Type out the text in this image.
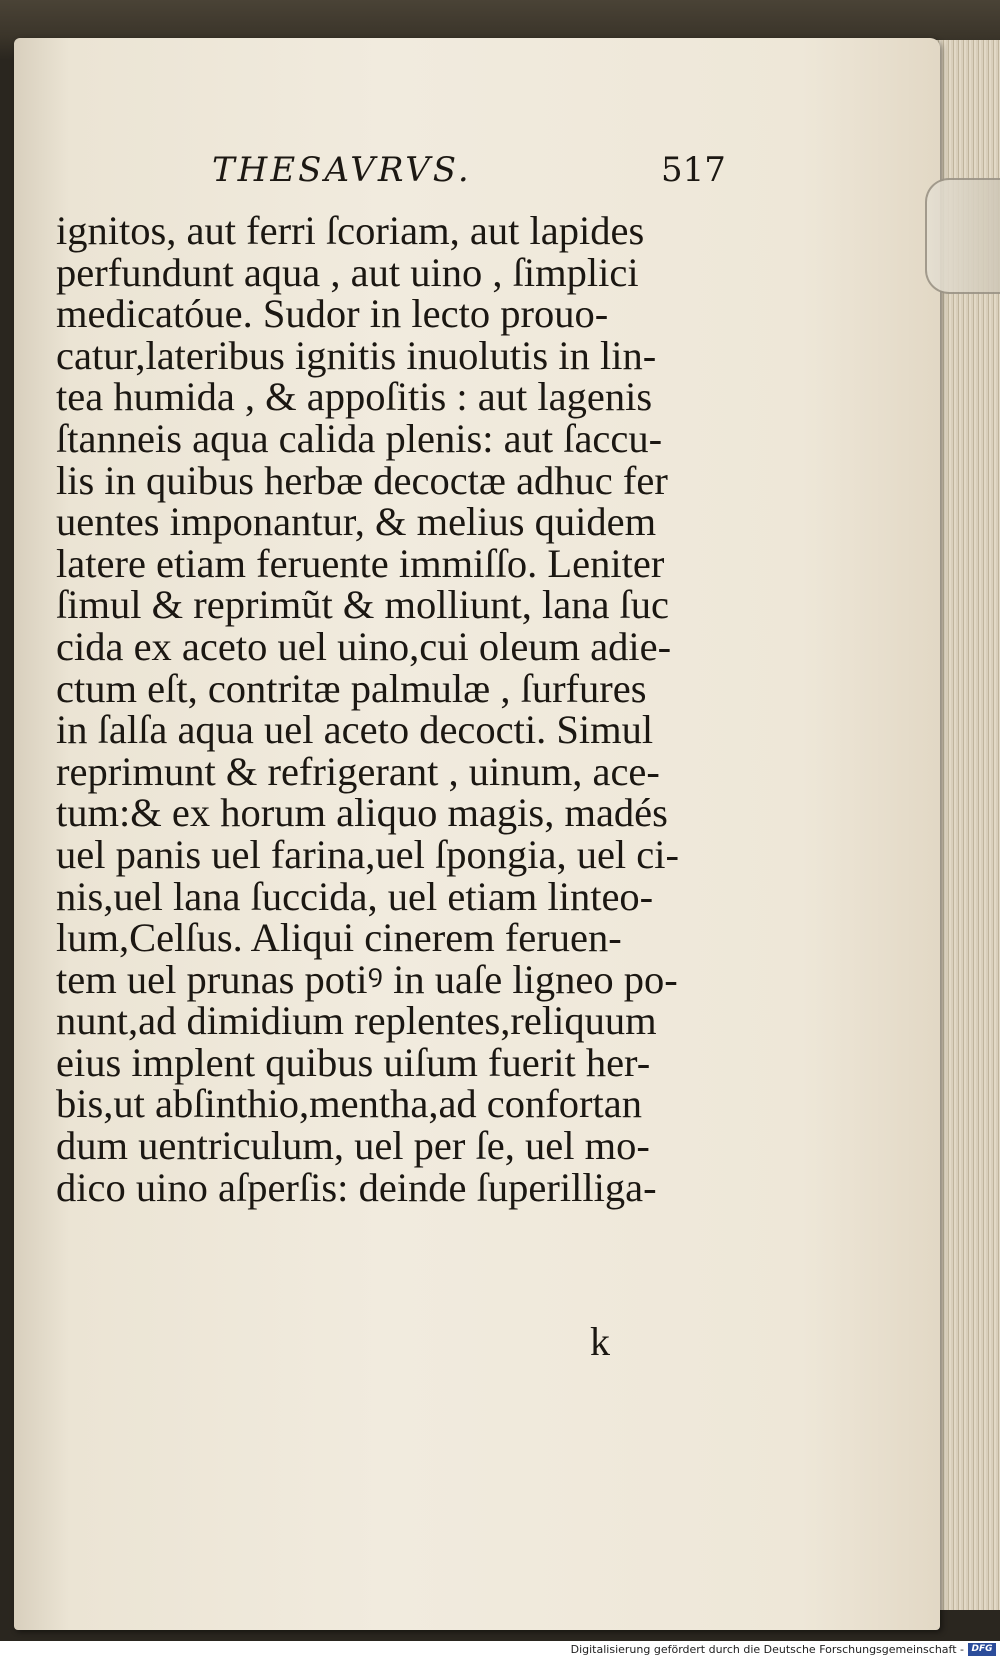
THESAVRVS.	517
ignitos, aut ferri ſcoriam, aut lapides
perfundunt aqua , aut uino , ſimplici
medicatóue. Sudor in lecto prouo-
catur,lateribus ignitis inuolutis in lin-
tea humida , & appoſitis : aut lagenis
ſtanneis aqua calida plenis: aut ſaccu-
lis in quibus herbæ decoctæ adhuc fer
uentes imponantur, & melius quidem
latere etiam feruente immiſſo. Leniter
ſimul & reprimũt & molliunt, lana ſuc
cida ex aceto uel uino,cui oleum adie-
ctum eſt, contritæ palmulæ , ſurfures
in ſalſa aqua uel aceto decocti. Simul
reprimunt & refrigerant , uinum, ace-
tum:& ex horum aliquo magis, madés
uel panis uel farina,uel ſpongia, uel ci-
nis,uel lana ſuccida, uel etiam linteo-
lum,Celſus. Aliqui cinerem feruen-
tem uel prunas potiꝰ in uaſe ligneo po-
nunt,ad dimidium replentes,reliquum
eius implent quibus uiſum fuerit her-
bis,ut abſinthio,mentha,ad confortan
dum uentriculum, uel per ſe, uel mo-
dico uino aſperſis: deinde ſuperilliga-
k
Digitalisierung gefördert durch die Deutsche Forschungsgemeinschaft - DFG
